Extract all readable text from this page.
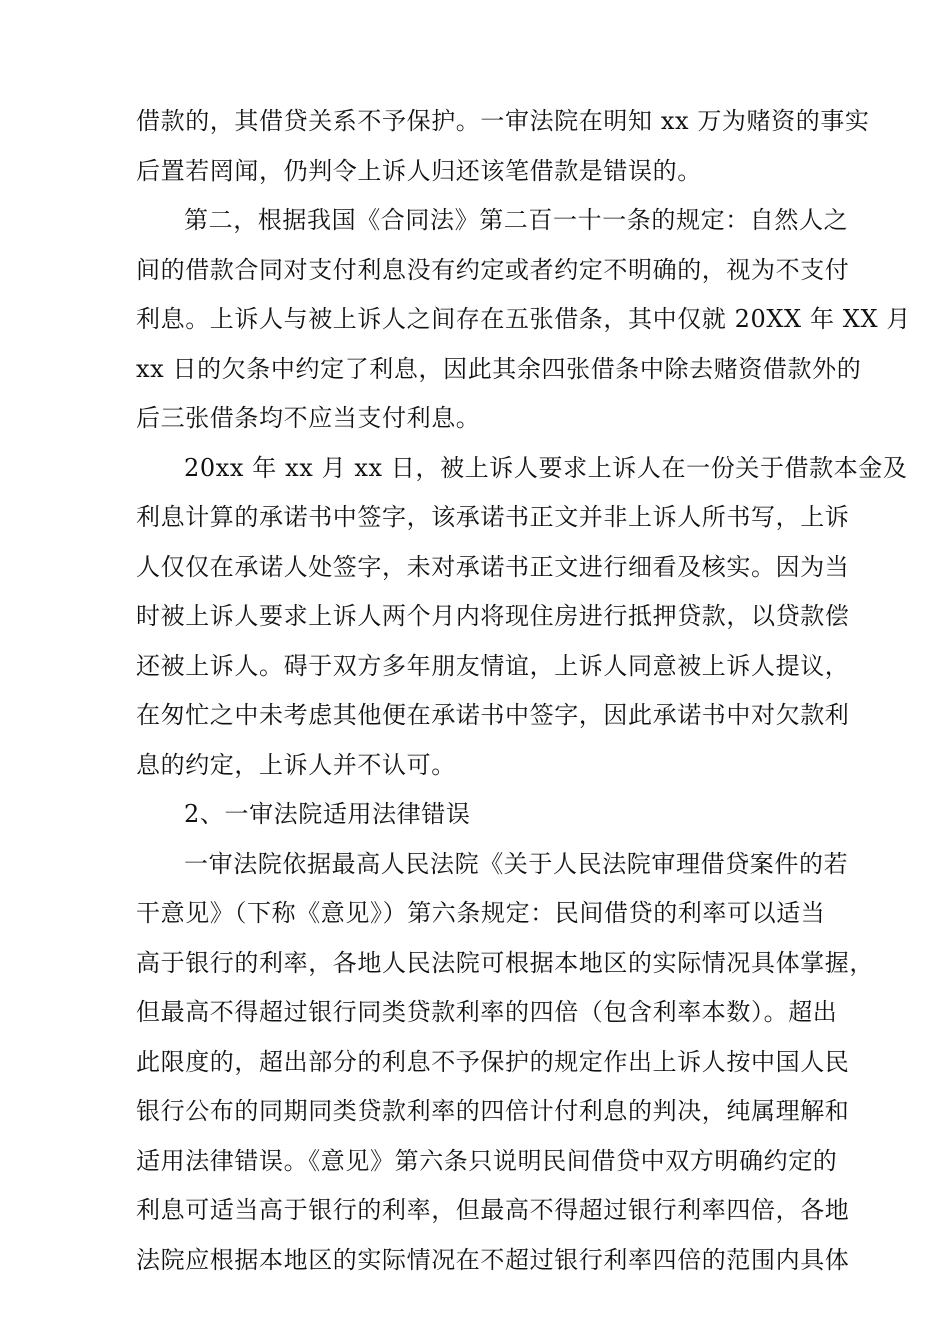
借款的，其借贷关系不予保护。一审法院在明知 xx 万为赌资的事实
后置若罔闻，仍判令上诉人归还该笔借款是错误的。
第二，根据我国《合同法》第二百一十一条的规定：自然人之
间的借款合同对支付利息没有约定或者约定不明确的，视为不支付
利息。上诉人与被上诉人之间存在五张借条，其中仅就 20XX 年 XX 月
xx 日的欠条中约定了利息，因此其余四张借条中除去赌资借款外的
后三张借条均不应当支付利息。
20xx 年 xx 月 xx 日，被上诉人要求上诉人在一份关于借款本金及
利息计算的承诺书中签字，该承诺书正文并非上诉人所书写，上诉
人仅仅在承诺人处签字，未对承诺书正文进行细看及核实。因为当
时被上诉人要求上诉人两个月内将现住房进行抵押贷款，以贷款偿
还被上诉人。碍于双方多年朋友情谊，上诉人同意被上诉人提议，
在匆忙之中未考虑其他便在承诺书中签字，因此承诺书中对欠款利
息的约定，上诉人并不认可。
2、一审法院适用法律错误
一审法院依据最高人民法院《关于人民法院审理借贷案件的若
干意见》（下称《意见》）第六条规定：民间借贷的利率可以适当
高于银行的利率，各地人民法院可根据本地区的实际情况具体掌握，
但最高不得超过银行同类贷款利率的四倍（包含利率本数）。超出
此限度的，超出部分的利息不予保护的规定作出上诉人按中国人民
银行公布的同期同类贷款利率的四倍计付利息的判决，纯属理解和
适用法律错误。《意见》第六条只说明民间借贷中双方明确约定的
利息可适当高于银行的利率，但最高不得超过银行利率四倍，各地
法院应根据本地区的实际情况在不超过银行利率四倍的范围内具体
